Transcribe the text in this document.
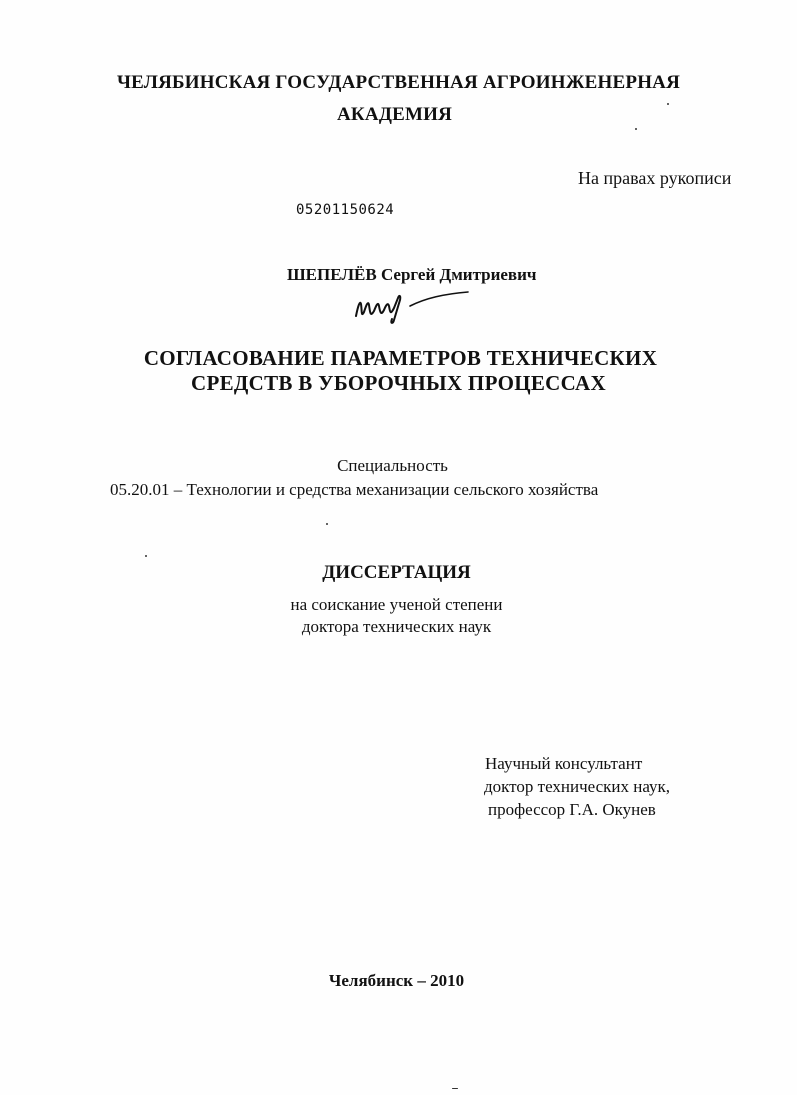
ЧЕЛЯБИНСКАЯ ГОСУДАРСТВЕННАЯ АГРОИНЖЕНЕРНАЯ
АКАДЕМИЯ
На правах рукописи
05201150624
ШЕПЕЛЁВ Сергей Дмитриевич
СОГЛАСОВАНИЕ ПАРАМЕТРОВ ТЕХНИЧЕСКИХ
СРЕДСТВ В УБОРОЧНЫХ ПРОЦЕССАХ
Специальность
05.20.01 – Технологии и средства механизации сельского хозяйства
ДИССЕРТАЦИЯ
на соискание ученой степени
доктора технических наук
Научный консультант
доктор технических наук,
профессор Г.А. Окунев
Челябинск – 2010
